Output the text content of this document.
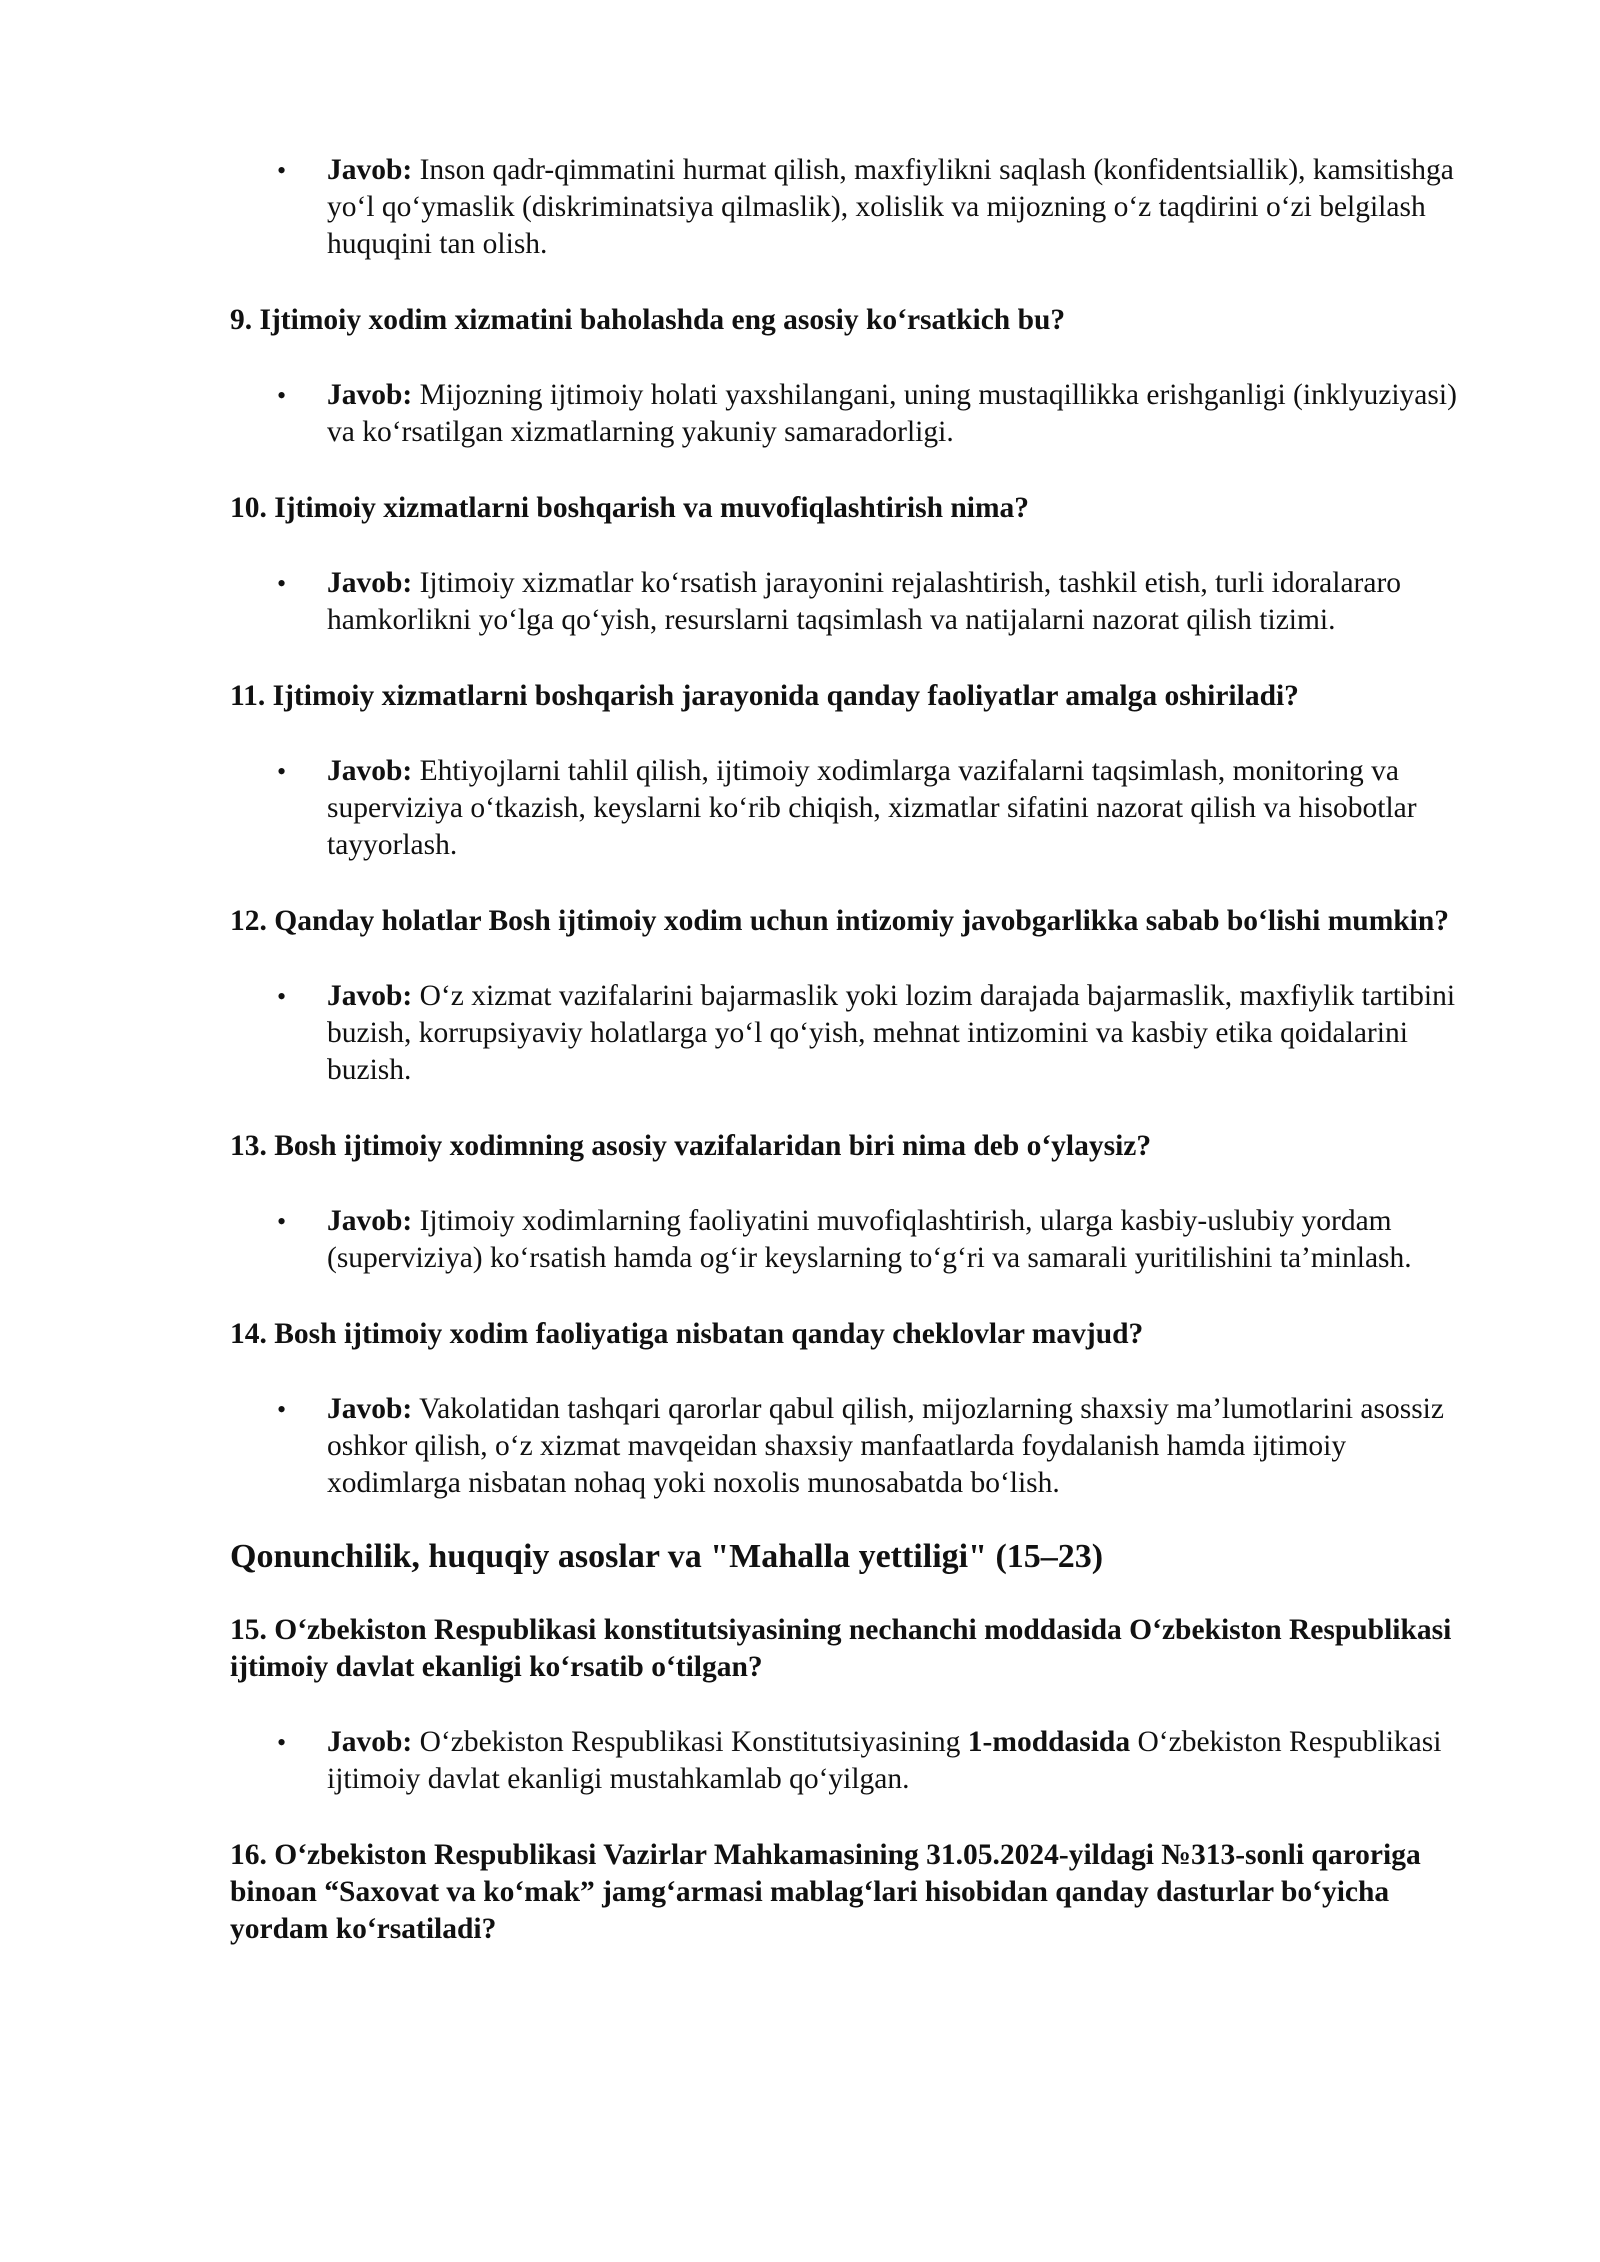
• Javob: Inson qadr-qimmatini hurmat qilish, maxfiylikni saqlash (konfidentsiallik), kamsitishga yo‘l qo‘ymaslik (diskriminatsiya qilmaslik), xolislik va mijozning o‘z taqdirini o‘zi belgilash huquqini tan olish.

9. Ijtimoiy xodim xizmatini baholashda eng asosiy ko‘rsatkich bu?

• Javob: Mijozning ijtimoiy holati yaxshilangani, uning mustaqillikka erishganligi (inklyuziyasi) va ko‘rsatilgan xizmatlarning yakuniy samaradorligi.

10. Ijtimoiy xizmatlarni boshqarish va muvofiqlashtirish nima?

• Javob: Ijtimoiy xizmatlar ko‘rsatish jarayonini rejalashtirish, tashkil etish, turli idoralararo hamkorlikni yo‘lga qo‘yish, resurslarni taqsimlash va natijalarni nazorat qilish tizimi.

11. Ijtimoiy xizmatlarni boshqarish jarayonida qanday faoliyatlar amalga oshiriladi?

• Javob: Ehtiyojlarni tahlil qilish, ijtimoiy xodimlarga vazifalarni taqsimlash, monitoring va superviziya o‘tkazish, keyslarni ko‘rib chiqish, xizmatlar sifatini nazorat qilish va hisobotlar tayyorlash.

12. Qanday holatlar Bosh ijtimoiy xodim uchun intizomiy javobgarlikka sabab bo‘lishi mumkin?

• Javob: O‘z xizmat vazifalarini bajarmaslik yoki lozim darajada bajarmaslik, maxfiylik tartibini buzish, korrupsiyaviy holatlarga yo‘l qo‘yish, mehnat intizomini va kasbiy etika qoidalarini buzish.

13. Bosh ijtimoiy xodimning asosiy vazifalaridan biri nima deb o‘ylaysiz?

• Javob: Ijtimoiy xodimlarning faoliyatini muvofiqlashtirish, ularga kasbiy-uslubiy yordam (superviziya) ko‘rsatish hamda og‘ir keyslarning to‘g‘ri va samarali yuritilishini ta’minlash.

14. Bosh ijtimoiy xodim faoliyatiga nisbatan qanday cheklovlar mavjud?

• Javob: Vakolatidan tashqari qarorlar qabul qilish, mijozlarning shaxsiy ma’lumotlarini asossiz oshkor qilish, o‘z xizmat mavqeidan shaxsiy manfaatlarda foydalanish hamda ijtimoiy xodimlarga nisbatan nohaq yoki noxolis munosabatda bo‘lish.
Qonunchilik, huquqiy asoslar va "Mahalla yettiligi" (15–23)

15. O‘zbekiston Respublikasi konstitutsiyasining nechanchi moddasida O‘zbekiston Respublikasi ijtimoiy davlat ekanligi ko‘rsatib o‘tilgan?

• Javob: O‘zbekiston Respublikasi Konstitutsiyasining 1-moddasida O‘zbekiston Respublikasi ijtimoiy davlat ekanligi mustahkamlab qo‘yilgan.

16. O‘zbekiston Respublikasi Vazirlar Mahkamasining 31.05.2024-yildagi №313-sonli qaroriga binoan “Saxovat va ko‘mak” jamg‘armasi mablag‘lari hisobidan qanday dasturlar bo‘yicha yordam ko‘rsatiladi?
